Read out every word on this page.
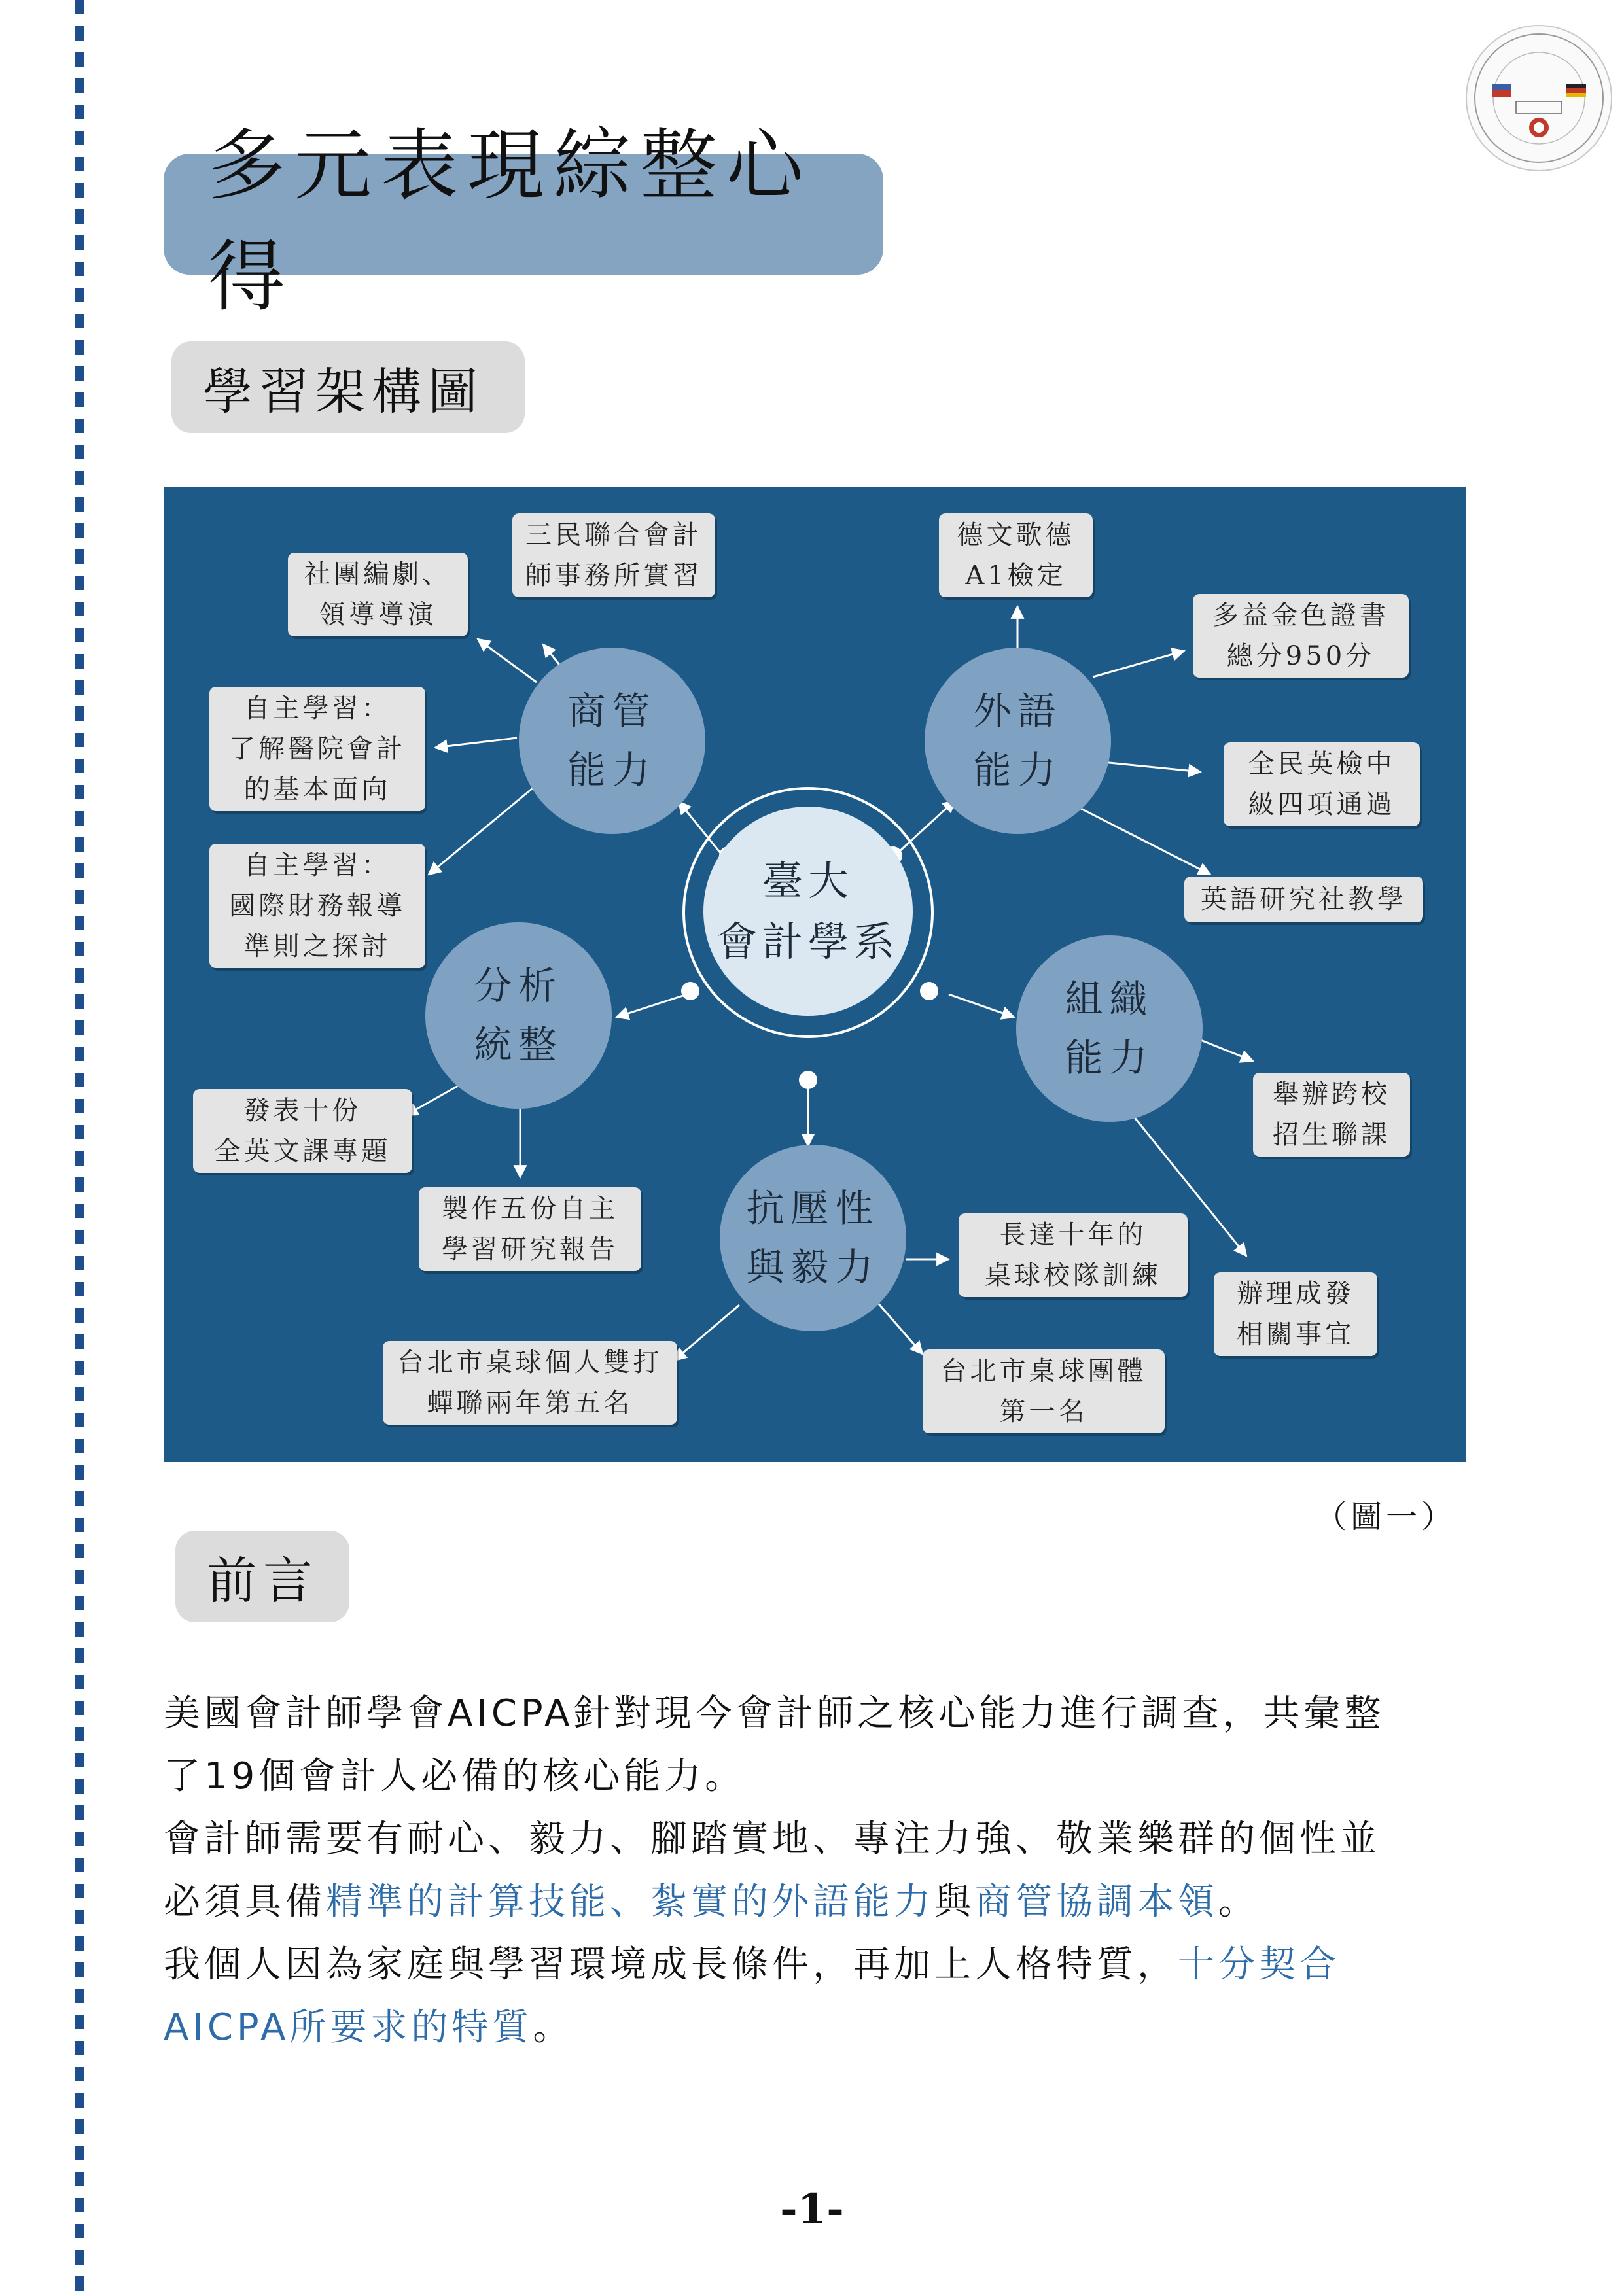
多元表現綜整心得
學習架構圖
臺大
會計學系
商管
能力
外語
能力
組織
能力
抗壓性
與毅力
分析
統整
三民聯合會計
師事務所實習
社團編劇、
領導導演
自主學習：
了解醫院會計
的基本面向
自主學習：
國際財務報導
準則之探討
德文歌德
A1檢定
多益金色證書
總分950分
全民英檢中
級四項通過
英語研究社教學
舉辦跨校
招生聯課
辦理成發
相關事宜
長達十年的
桌球校隊訓練
台北市桌球團體
第一名
台北市桌球個人雙打
蟬聯兩年第五名
發表十份
全英文課專題
製作五份自主
學習研究報告
（圖一）
前言
美國會計師學會AICPA針對現今會計師之核心能力進行調查，共彙整
了19個會計人必備的核心能力。
會計師需要有耐心、毅力、腳踏實地、專注力強、敬業樂群的個性並
必須具備精準的計算技能、紮實的外語能力與商管協調本領。
我個人因為家庭與學習環境成長條件，再加上人格特質，十分契合
AICPA所要求的特質。
-1-
